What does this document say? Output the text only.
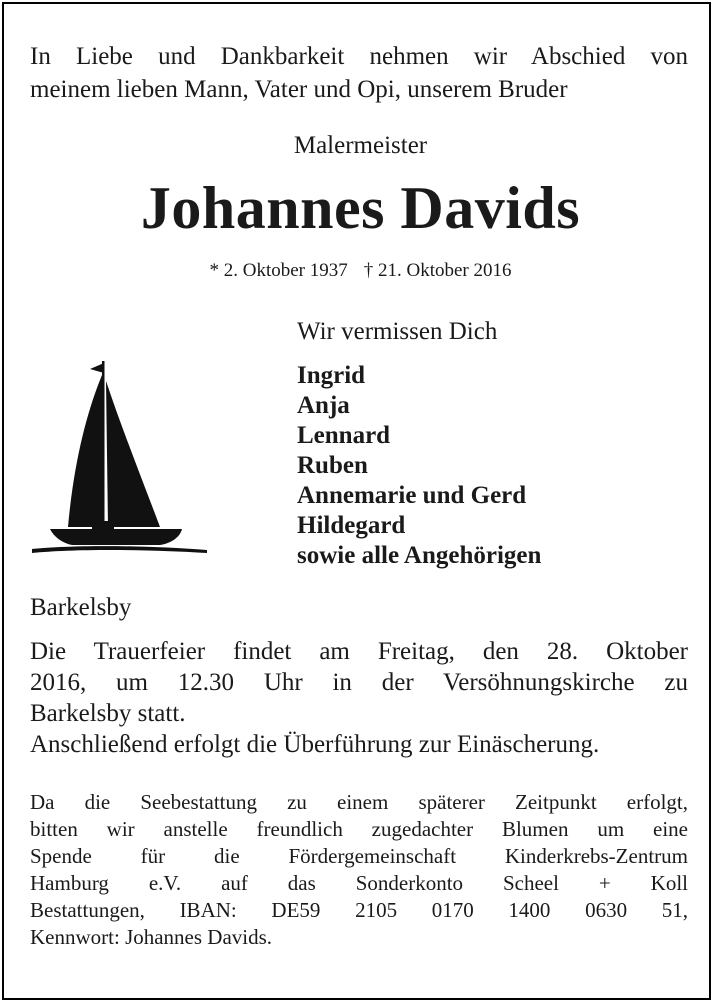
In Liebe und Dankbarkeit nehmen wir Abschied von
meinem lieben Mann, Vater und Opi, unserem Bruder
Malermeister
Johannes Davids
* 2. Oktober 1937 † 21. Oktober 2016
Wir vermissen Dich
Ingrid
Anja
Lennard
Ruben
Annemarie und Gerd
Hildegard
sowie alle Angehörigen
Barkelsby
Die Trauerfeier findet am Freitag, den 28. Oktober
2016, um 12.30 Uhr in der Versöhnungskirche zu
Barkelsby statt.
Anschließend erfolgt die Überführung zur Einäscherung.
Da die Seebestattung zu einem späterer Zeitpunkt erfolgt,
bitten wir anstelle freundlich zugedachter Blumen um eine
Spende für die Fördergemeinschaft Kinderkrebs-Zentrum
Hamburg e.V. auf das Sonderkonto Scheel + Koll
Bestattungen, IBAN: DE59 2105 0170 1400 0630 51,
Kennwort: Johannes Davids.
